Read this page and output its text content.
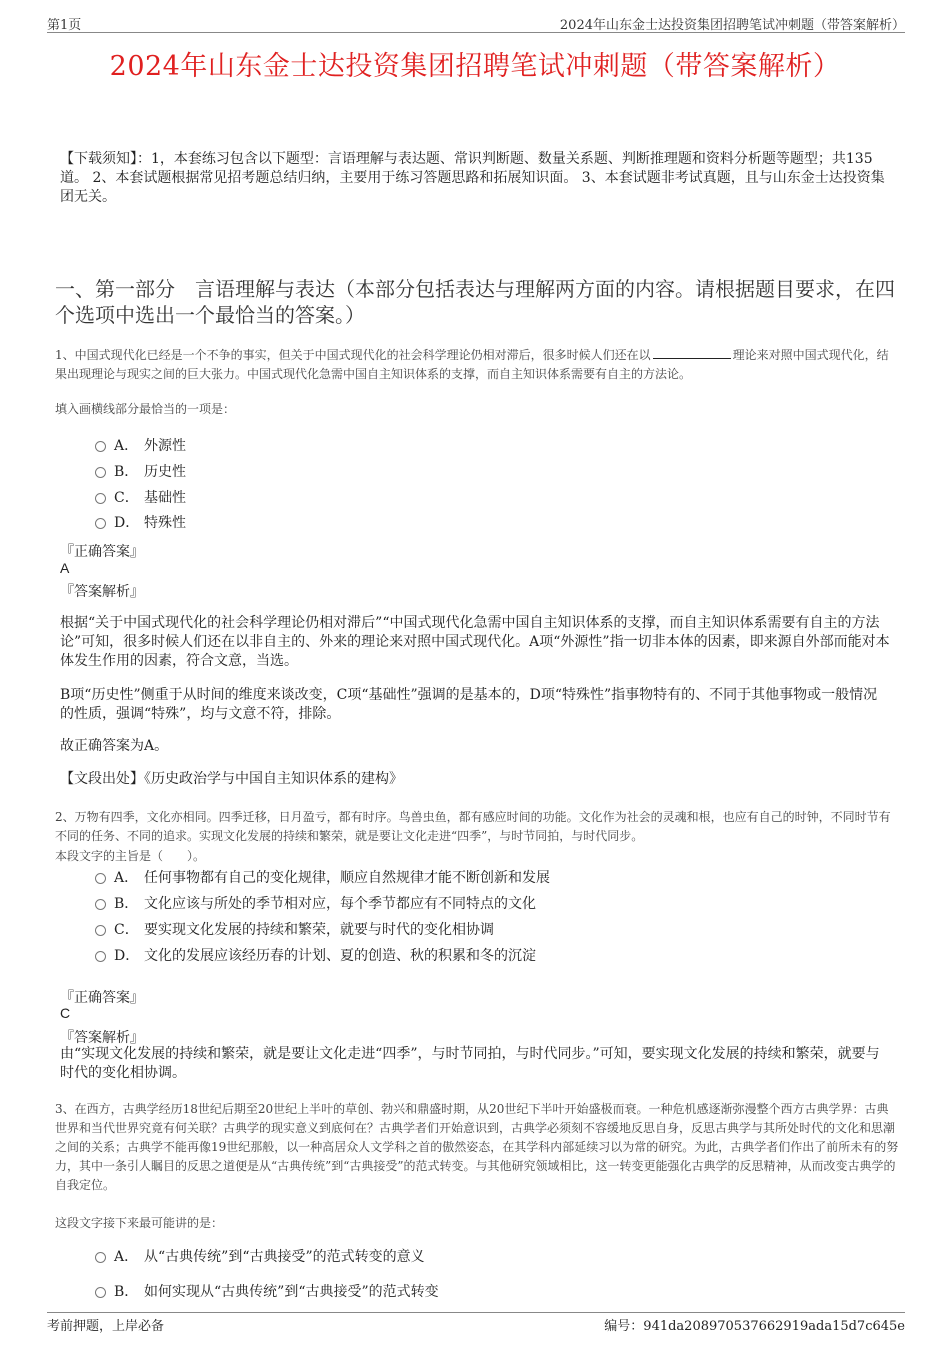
第1页	2024年山东金士达投资集团招聘笔试冲刺题（带答案解析）
2024年山东金士达投资集团招聘笔试冲刺题（带答案解析）
【下载须知】：1，本套练习包含以下题型：言语理解与表达题、常识判断题、数量关系题、判断推理题和资料分析题等题型；共135道。 2、本套试题根据常见招考题总结归纳，主要用于练习答题思路和拓展知识面。 3、本套试题非考试真题，且与山东金士达投资集团无关。
一、第一部分　言语理解与表达（本部分包括表达与理解两方面的内容。请根据题目要求，在四个选项中选出一个最恰当的答案。）
1、中国式现代化已经是一个不争的事实，但关于中国式现代化的社会科学理论仍相对滞后，很多时候人们还在以	理论来对照中国式现代化，结果出现理论与现实之间的巨大张力。中国式现代化急需中国自主知识体系的支撑，而自主知识体系需要有自主的方法论。
填入画横线部分最恰当的一项是：
A． 外源性
B． 历史性
C． 基础性
D． 特殊性
『正确答案』
A
『答案解析』
根据“关于中国式现代化的社会科学理论仍相对滞后”“中国式现代化急需中国自主知识体系的支撑，而自主知识体系需要有自主的方法论”可知，很多时候人们还在以非自主的、外来的理论来对照中国式现代化。A项“外源性”指一切非本体的因素，即来源自外部而能对本体发生作用的因素，符合文意，当选。
B项“历史性”侧重于从时间的维度来谈改变，C项“基础性”强调的是基本的，D项“特殊性”指事物特有的、不同于其他事物或一般情况的性质，强调“特殊”，均与文意不符，排除。
故正确答案为A。
【文段出处】《历史政治学与中国自主知识体系的建构》
2、万物有四季，文化亦相同。四季迁移，日月盈亏，都有时序。鸟兽虫鱼，都有感应时间的功能。文化作为社会的灵魂和根，也应有自己的时钟，不同时节有不同的任务、不同的追求。实现文化发展的持续和繁荣，就是要让文化走进“四季”，与时节同拍，与时代同步。
本段文字的主旨是（　　）。
A． 任何事物都有自己的变化规律，顺应自然规律才能不断创新和发展
B． 文化应该与所处的季节相对应，每个季节都应有不同特点的文化
C． 要实现文化发展的持续和繁荣，就要与时代的变化相协调
D． 文化的发展应该经历春的计划、夏的创造、秋的积累和冬的沉淀
『正确答案』
C
『答案解析』
由“实现文化发展的持续和繁荣，就是要让文化走进“四季”，与时节同拍，与时代同步。”可知，要实现文化发展的持续和繁荣，就要与时代的变化相协调。
3、在西方，古典学经历18世纪后期至20世纪上半叶的草创、勃兴和鼎盛时期，从20世纪下半叶开始盛极而衰。一种危机感逐渐弥漫整个西方古典学界：古典世界和当代世界究竟有何关联？古典学的现实意义到底何在？古典学者们开始意识到，古典学必须刻不容缓地反思自身，反思古典学与其所处时代的文化和思潮之间的关系；古典学不能再像19世纪那般，以一种高居众人文学科之首的傲然姿态，在其学科内部延续习以为常的研究。为此，古典学者们作出了前所未有的努力，其中一条引人瞩目的反思之道便是从“古典传统”到“古典接受”的范式转变。与其他研究领域相比，这一转变更能强化古典学的反思精神，从而改变古典学的自我定位。
这段文字接下来最可能讲的是：
A． 从“古典传统”到“古典接受”的范式转变的意义
B． 如何实现从“古典传统”到“古典接受”的范式转变
考前押题，上岸必备	编号：941da208970537662919ada15d7c645e
